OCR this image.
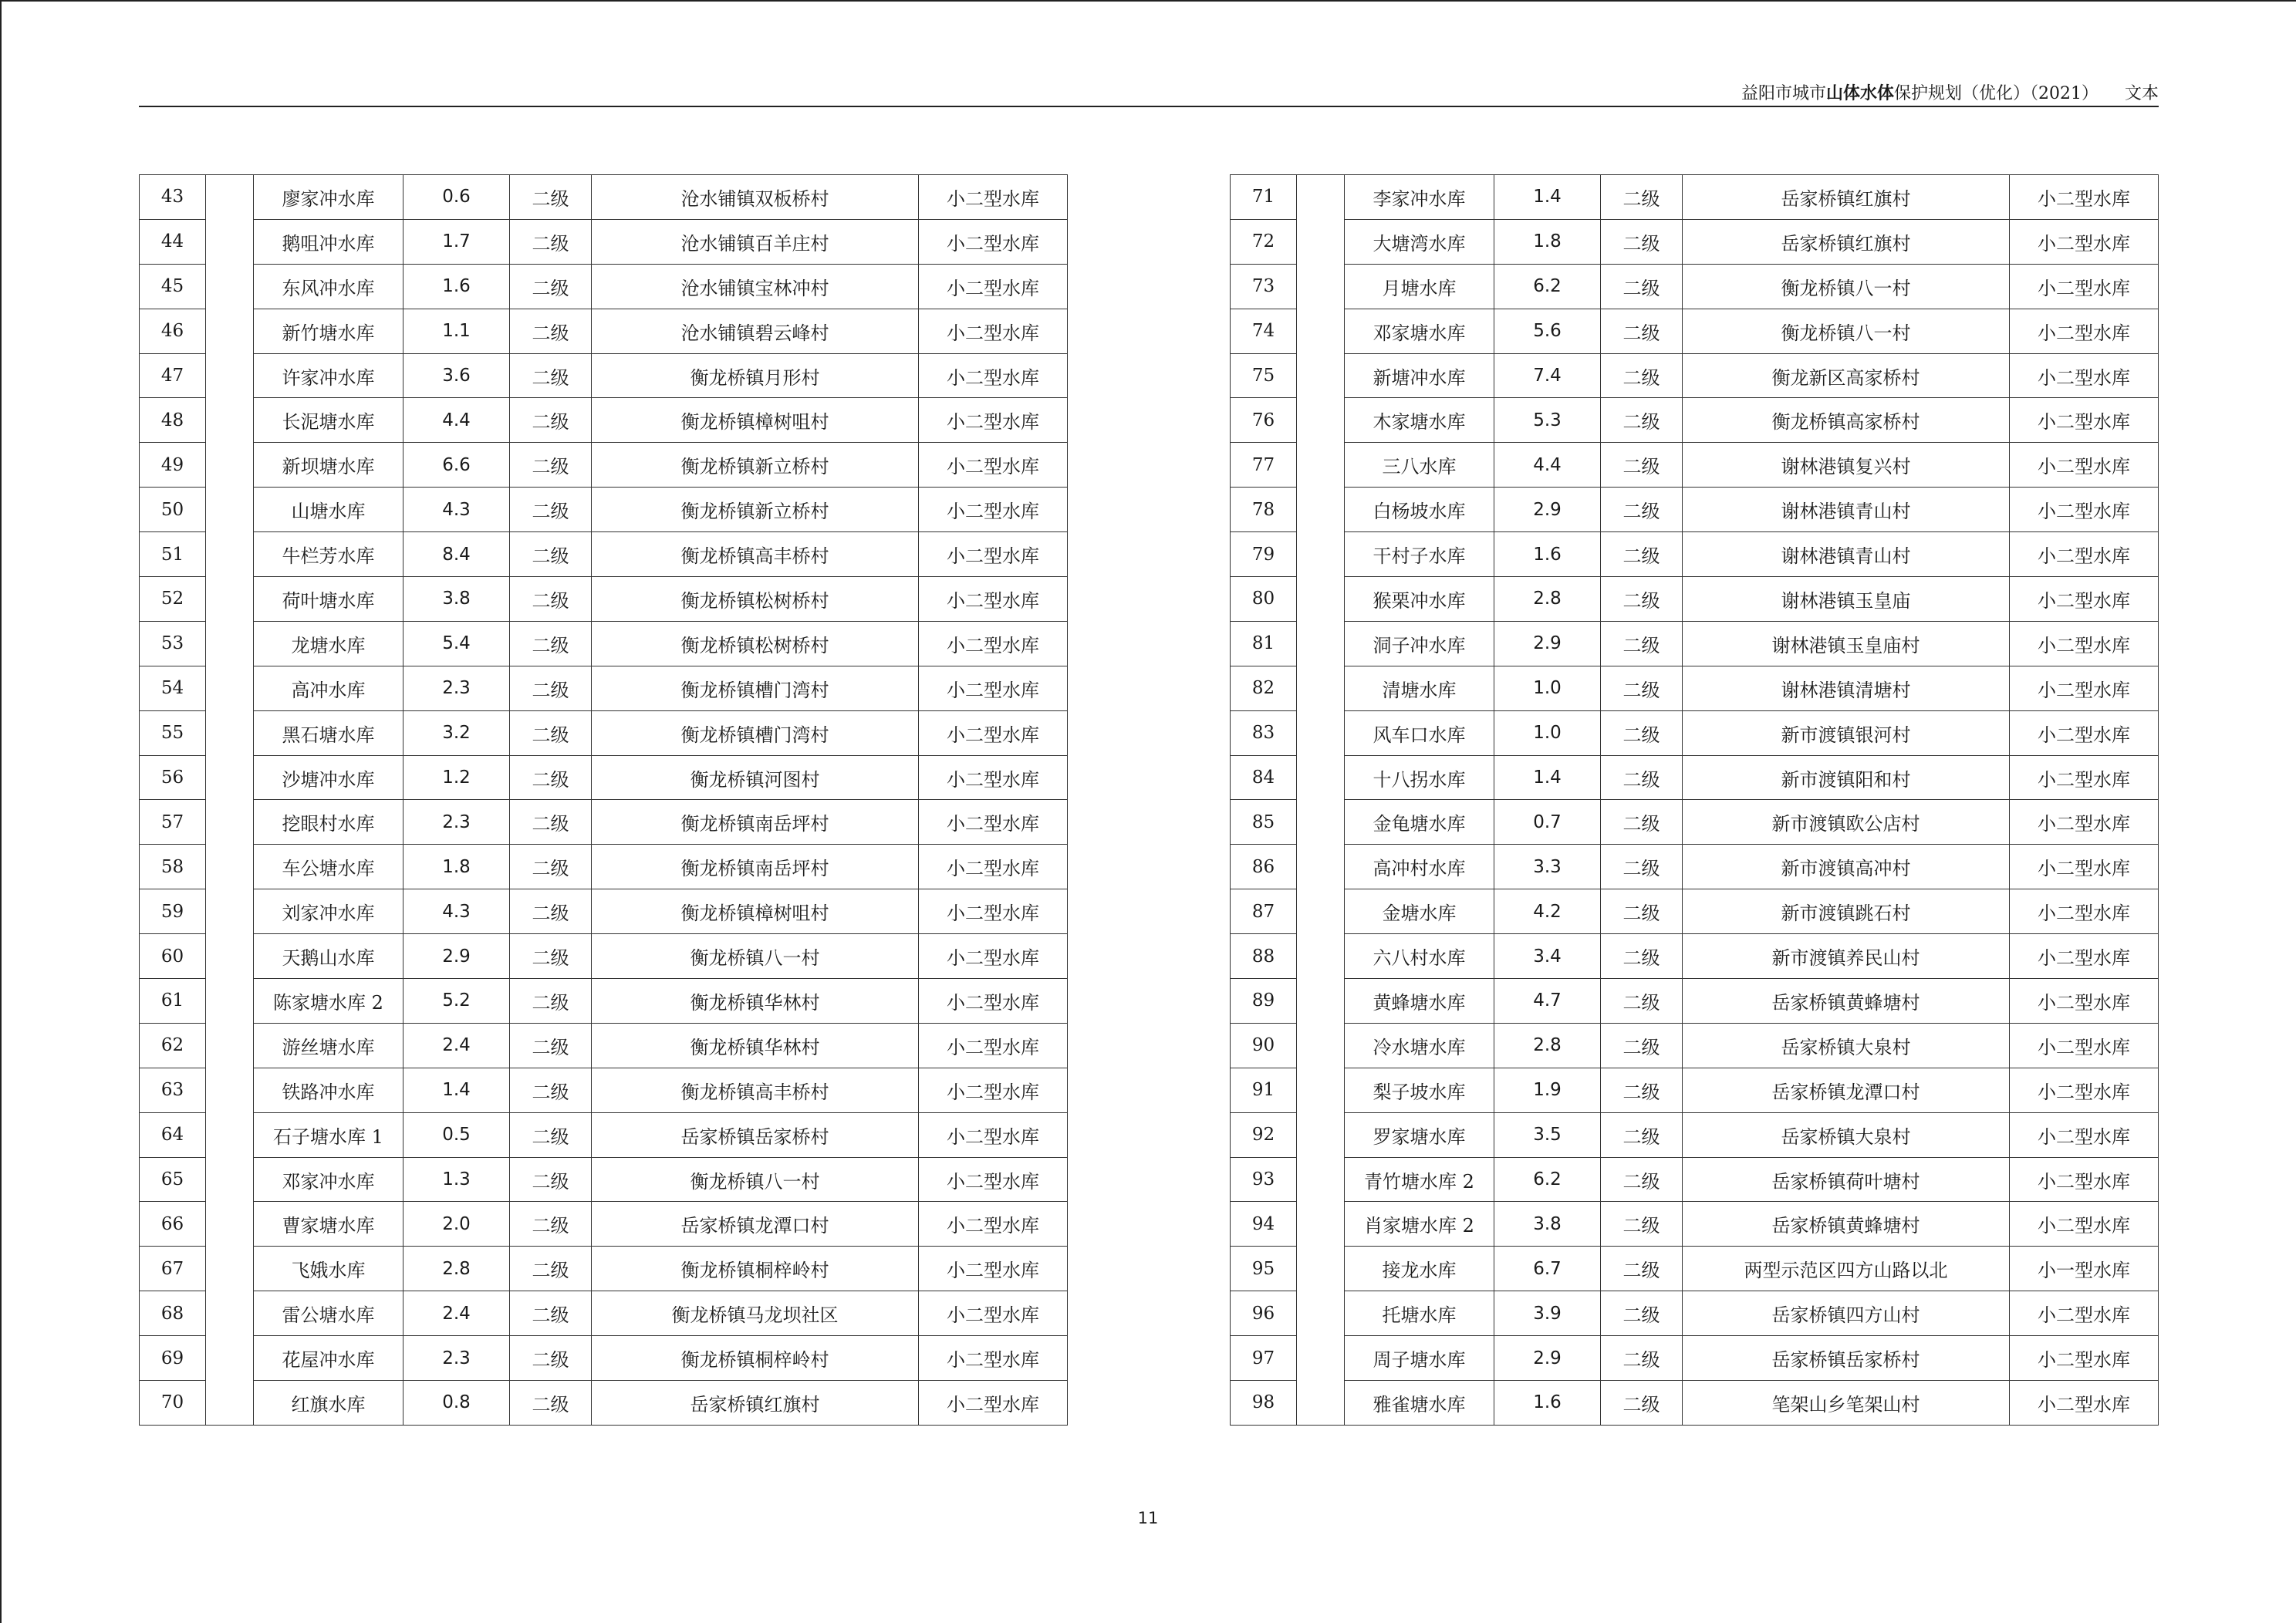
益阳市城市山体水体保护规划（优化）（2021） 文本
43		廖家冲水库	0.6	二级	沧水铺镇双板桥村	小二型水库
44		鹅咀冲水库	1.7	二级	沧水铺镇百羊庄村	小二型水库
45		东风冲水库	1.6	二级	沧水铺镇宝林冲村	小二型水库
46		新竹塘水库	1.1	二级	沧水铺镇碧云峰村	小二型水库
47		许家冲水库	3.6	二级	衡龙桥镇月形村	小二型水库
48		长泥塘水库	4.4	二级	衡龙桥镇樟树咀村	小二型水库
49		新坝塘水库	6.6	二级	衡龙桥镇新立桥村	小二型水库
50		山塘水库	4.3	二级	衡龙桥镇新立桥村	小二型水库
51		牛栏芳水库	8.4	二级	衡龙桥镇高丰桥村	小二型水库
52		荷叶塘水库	3.8	二级	衡龙桥镇松树桥村	小二型水库
53		龙塘水库	5.4	二级	衡龙桥镇松树桥村	小二型水库
54		高冲水库	2.3	二级	衡龙桥镇槽门湾村	小二型水库
55		黑石塘水库	3.2	二级	衡龙桥镇槽门湾村	小二型水库
56		沙塘冲水库	1.2	二级	衡龙桥镇河图村	小二型水库
57		挖眼村水库	2.3	二级	衡龙桥镇南岳坪村	小二型水库
58		车公塘水库	1.8	二级	衡龙桥镇南岳坪村	小二型水库
59		刘家冲水库	4.3	二级	衡龙桥镇樟树咀村	小二型水库
60		天鹅山水库	2.9	二级	衡龙桥镇八一村	小二型水库
61		陈家塘水库 2	5.2	二级	衡龙桥镇华林村	小二型水库
62		游丝塘水库	2.4	二级	衡龙桥镇华林村	小二型水库
63		铁路冲水库	1.4	二级	衡龙桥镇高丰桥村	小二型水库
64		石子塘水库 1	0.5	二级	岳家桥镇岳家桥村	小二型水库
65		邓家冲水库	1.3	二级	衡龙桥镇八一村	小二型水库
66		曹家塘水库	2.0	二级	岳家桥镇龙潭口村	小二型水库
67		飞娥水库	2.8	二级	衡龙桥镇桐梓岭村	小二型水库
68		雷公塘水库	2.4	二级	衡龙桥镇马龙坝社区	小二型水库
69		花屋冲水库	2.3	二级	衡龙桥镇桐梓岭村	小二型水库
70		红旗水库	0.8	二级	岳家桥镇红旗村	小二型水库
71		李家冲水库	1.4	二级	岳家桥镇红旗村	小二型水库
72		大塘湾水库	1.8	二级	岳家桥镇红旗村	小二型水库
73		月塘水库	6.2	二级	衡龙桥镇八一村	小二型水库
74		邓家塘水库	5.6	二级	衡龙桥镇八一村	小二型水库
75		新塘冲水库	7.4	二级	衡龙新区高家桥村	小二型水库
76		木家塘水库	5.3	二级	衡龙桥镇高家桥村	小二型水库
77		三八水库	4.4	二级	谢林港镇复兴村	小二型水库
78		白杨坡水库	2.9	二级	谢林港镇青山村	小二型水库
79		干村子水库	1.6	二级	谢林港镇青山村	小二型水库
80		猴栗冲水库	2.8	二级	谢林港镇玉皇庙	小二型水库
81		洞子冲水库	2.9	二级	谢林港镇玉皇庙村	小二型水库
82		清塘水库	1.0	二级	谢林港镇清塘村	小二型水库
83		风车口水库	1.0	二级	新市渡镇银河村	小二型水库
84		十八拐水库	1.4	二级	新市渡镇阳和村	小二型水库
85		金龟塘水库	0.7	二级	新市渡镇欧公店村	小二型水库
86		高冲村水库	3.3	二级	新市渡镇高冲村	小二型水库
87		金塘水库	4.2	二级	新市渡镇跳石村	小二型水库
88		六八村水库	3.4	二级	新市渡镇养民山村	小二型水库
89		黄蜂塘水库	4.7	二级	岳家桥镇黄蜂塘村	小二型水库
90		冷水塘水库	2.8	二级	岳家桥镇大泉村	小二型水库
91		梨子坡水库	1.9	二级	岳家桥镇龙潭口村	小二型水库
92		罗家塘水库	3.5	二级	岳家桥镇大泉村	小二型水库
93		青竹塘水库 2	6.2	二级	岳家桥镇荷叶塘村	小二型水库
94		肖家塘水库 2	3.8	二级	岳家桥镇黄蜂塘村	小二型水库
95		接龙水库	6.7	二级	两型示范区四方山路以北	小一型水库
96		托塘水库	3.9	二级	岳家桥镇四方山村	小二型水库
97		周子塘水库	2.9	二级	岳家桥镇岳家桥村	小二型水库
98		雅雀塘水库	1.6	二级	笔架山乡笔架山村	小二型水库
11
